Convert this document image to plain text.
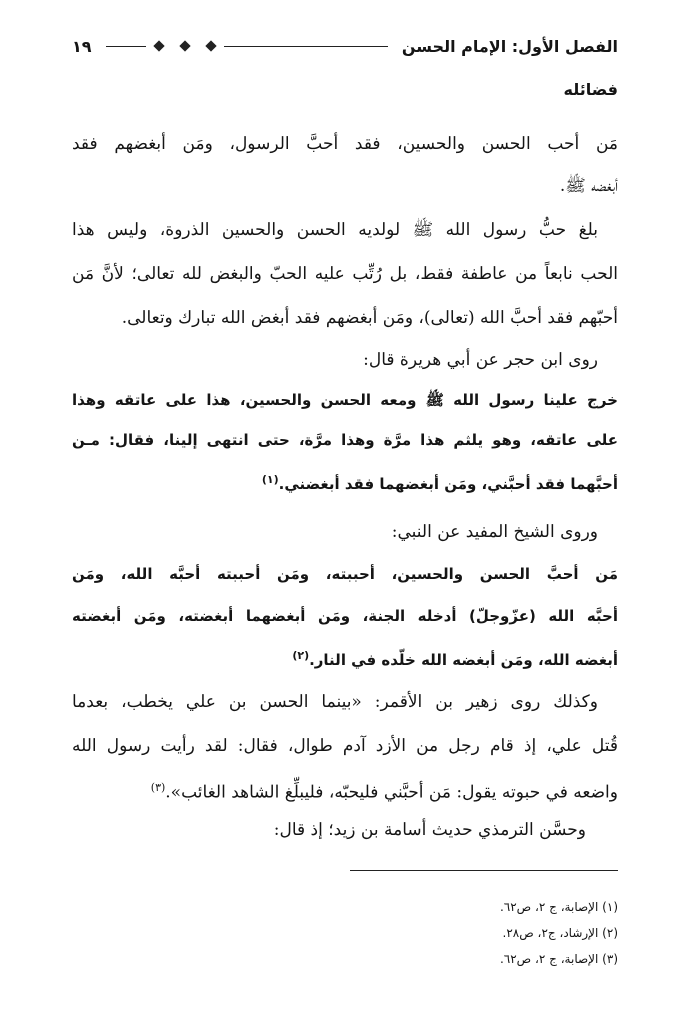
الفصل الأول: الإمام الحسن
١٩
فضائله
مَن أحب الحسن والحسين، فقد أحبَّ الرسول، ومَن أبغضهم فقد
أبغضه ﷺ.
بلغ حبُّ رسول الله ﷺ لولديه الحسن والحسين الذروة، وليس هذا
الحب نابعاً من عاطفة فقط، بل رُتِّب عليه الحبّ والبغض لله تعالى؛ لأنَّ مَن
أحبّهم فقد أحبَّ الله (تعالى)، ومَن أبغضهم فقد أبغض الله تبارك وتعالى.
روى ابن حجر عن أبي هريرة قال:
خرج علينا رسول الله ﷺ ومعه الحسن والحسين، هذا على عاتقه وهذا
على عاتقه، وهو يلثم هذا مرَّة وهذا مرَّة، حتى انتهى إلينا، فقال: مـن
أحبَّهما فقد أحبَّني، ومَن أبغضهما فقد أبغضني.$^{(١)}$
وروى الشيخ المفيد عن النبي:
مَن أحبَّ الحسن والحسين، أحببته، ومَن أحببته أحبَّه الله، ومَن
أحبَّه الله (عزّوجلّ) أدخله الجنة، ومَن أبغضهما أبغضته، ومَن أبغضته
أبغضه الله، ومَن أبغضه الله خلّده في النار.$^{(٢)}$
وكذلك روى زهير بن الأقمر: «بينما الحسن بن علي يخطب، بعدما
قُتل علي، إذ قام رجل من الأزد آدم طوال، فقال: لقد رأيت رسول الله
واضعه في حبوته يقول: مَن أحبَّني فليحبّه، فليبلِّغ الشاهد الغائب».$^{(٣)}$
وحسَّن الترمذي حديث أسامة بن زيد؛ إذ قال:
(١) الإصابة، ج ٢، ص٦٢.
(٢) الإرشاد، ج٢، ص٢٨.
(٣) الإصابة، ج ٢، ص٦٢.
